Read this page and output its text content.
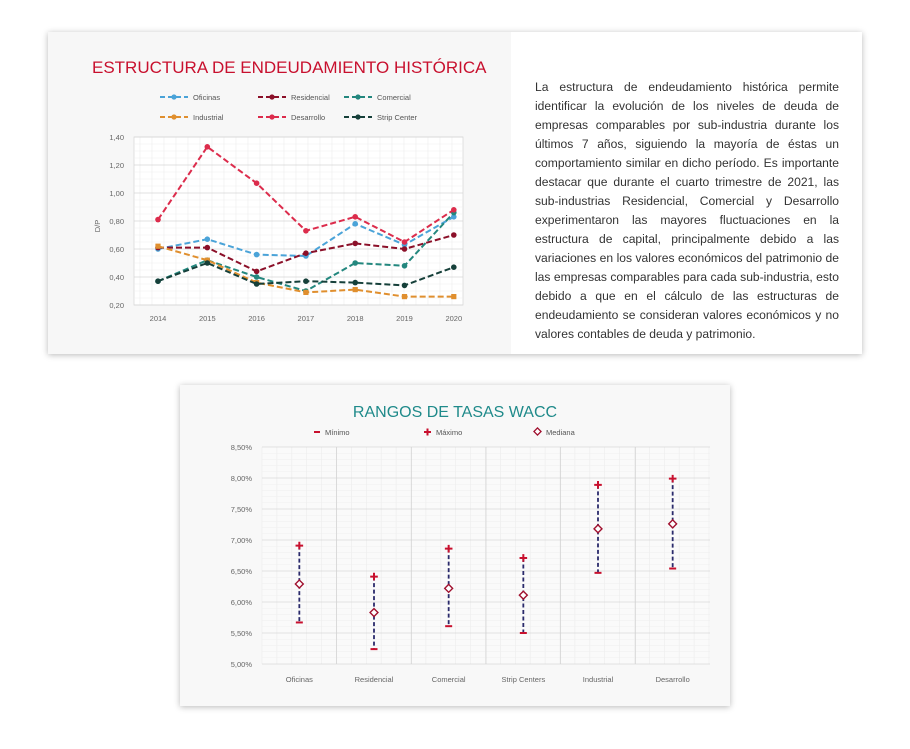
ESTRUCTURA DE ENDEUDAMIENTO HISTÓRICA
0,20
0,40
0,60
0,80
1,00
1,20
1,40
2014	2015	2016	2017	2018	2019	2020
D/P
Oficinas	Residencial	Comercial
Industrial	Desarrollo	Strip Center

La estructura de endeudamiento histórica permite identificar la evolución de los niveles de deuda de empresas comparables por sub-industria durante los últimos 7 años, siguiendo la mayoría de éstas un comportamiento similar en dicho período. Es importante destacar que durante el cuarto trimestre de 2021, las sub-industrias Residencial, Comercial y Desarrollo experimentaron las mayores fluctuaciones en la estructura de capital, principalmente debido a las variaciones en los valores económicos del patrimonio de las empresas comparables para cada sub-industria, esto debido a que en el cálculo de las estructuras de endeudamiento se consideran valores económicos y no valores contables de deuda y patrimonio.

RANGOS DE TASAS WACC
5,00%
5,50%
6,00%
6,50%
7,00%
7,50%
8,00%
8,50%
Oficinas	Residencial	Comercial	Strip Centers	Industrial	Desarrollo
Mínimo	Máximo	Mediana
